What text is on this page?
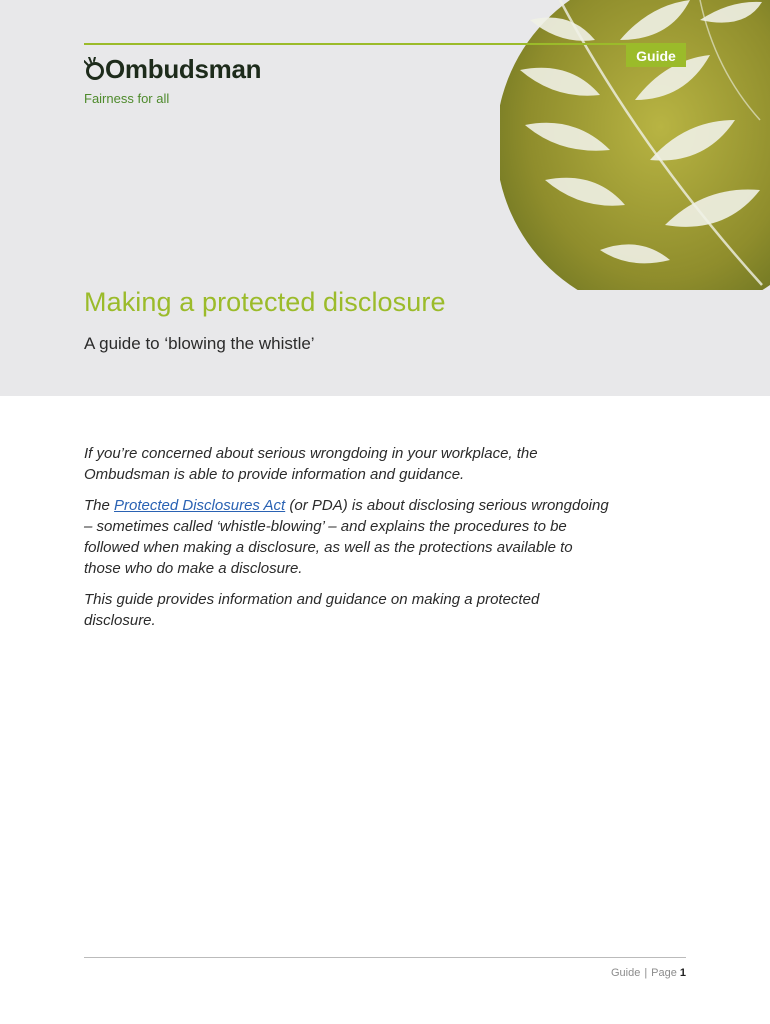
Guide
Ombudsman
Fairness for all
Making a protected disclosure
A guide to ‘blowing the whistle’

If you’re concerned about serious wrongdoing in your workplace, the Ombudsman is able to provide information and guidance.

The Protected Disclosures Act (or PDA) is about disclosing serious wrongdoing – sometimes called ‘whistle-blowing’ – and explains the procedures to be followed when making a disclosure, as well as the protections available to those who do make a disclosure.

This guide provides information and guidance on making a protected disclosure.

Guide | Page 1
